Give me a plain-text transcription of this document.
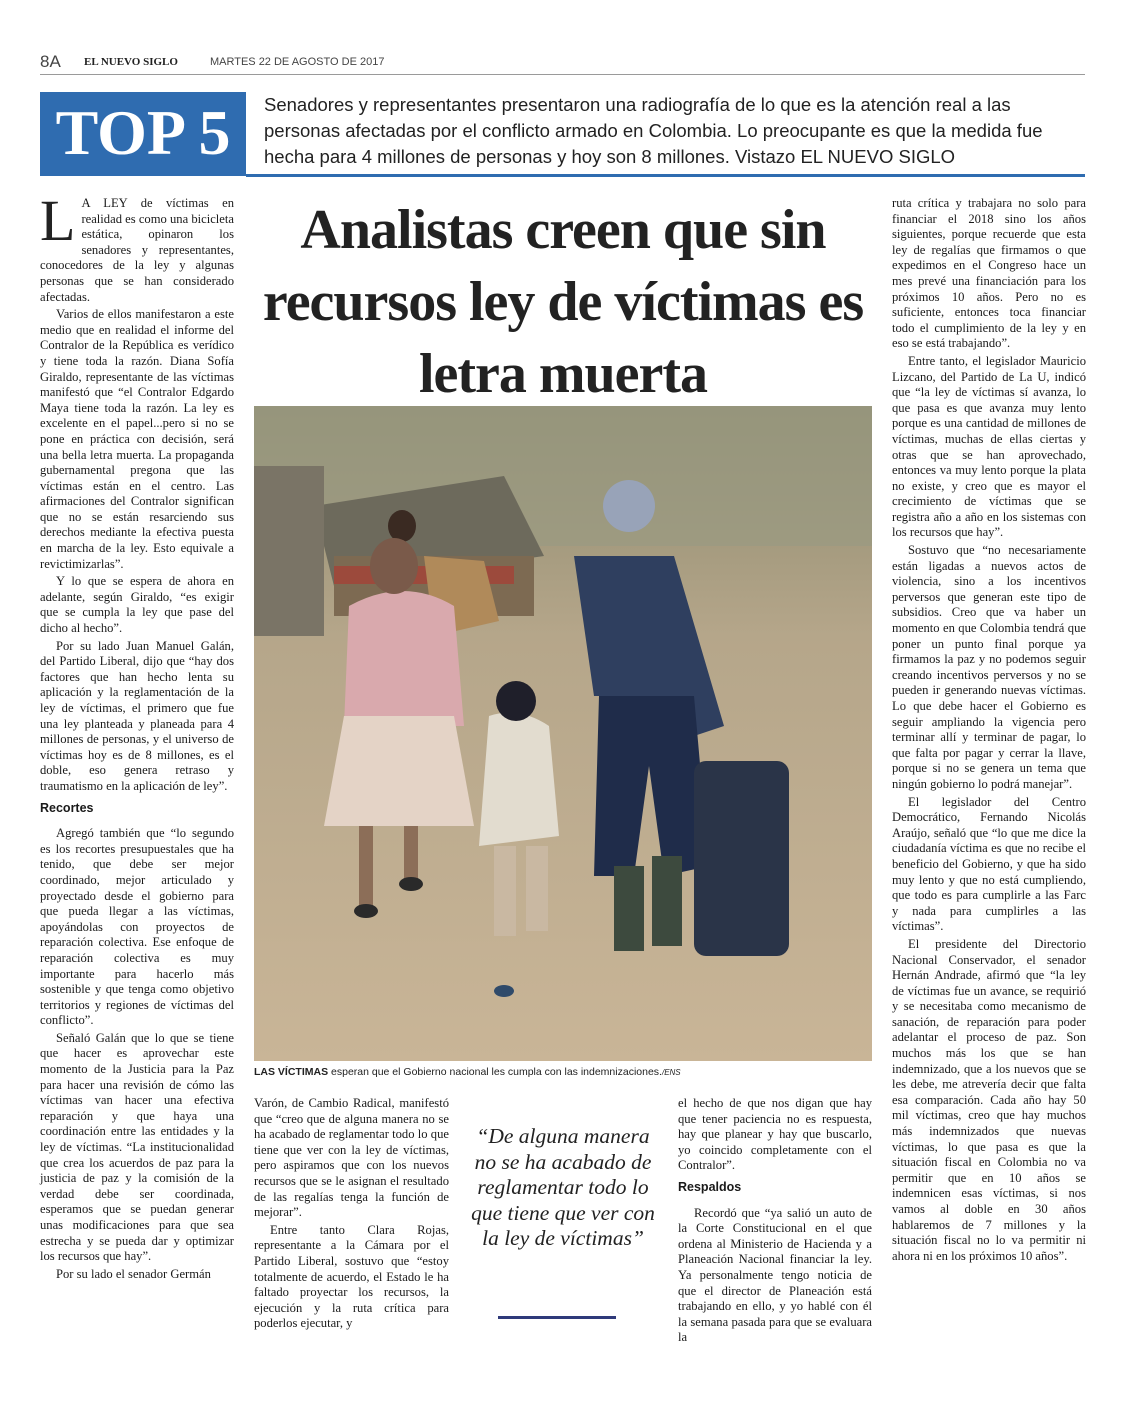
8A EL NUEVO SIGLO	MARTES 22 DE AGOSTO DE 2017
TOP 5	Senadores y representantes presentaron una radiografía de lo que es la atención real a las personas afectadas por el conflicto armado en Colombia. Lo preocupante es que la medida fue hecha para 4 millones de personas y hoy son 8 millones. Vistazo EL NUEVO SIGLO

L A LEY de víctimas en realidad es como una bicicleta estática, opinaron los senadores y representantes, conocedores de la ley y algunas personas que se han considerado afectadas.

Varios de ellos manifestaron a este medio que en realidad el informe del Contralor de la República es verídico y tiene toda la razón. Diana Sofía Giraldo, representante de las víctimas manifestó que “el Contralor Edgardo Maya tiene toda la razón. La ley es excelente en el papel...pero si no se pone en práctica con decisión, será una bella letra muerta. La propaganda gubernamental pregona que las víctimas están en el centro. Las afirmaciones del Contralor significan que no se están resarciendo sus derechos mediante la efectiva puesta en marcha de la ley. Esto equivale a revictimizarlas”.

Y lo que se espera de ahora en adelante, según Giraldo, “es exigir que se cumpla la ley que pase del dicho al hecho”.

Por su lado Juan Manuel Galán, del Partido Liberal, dijo que “hay dos factores que han hecho lenta su aplicación y la reglamentación de la ley de víctimas, el primero que fue una ley planteada y planeada para 4 millones de personas, y el universo de víctimas hoy es de 8 millones, es el doble, eso genera retraso y traumatismo en la aplicación de ley”.

Recortes

Agregó también que “lo segundo es los recortes presupuestales que ha tenido, que debe ser mejor coordinado, mejor articulado y proyectado desde el gobierno para que pueda llegar a las víctimas, apoyándolas con proyectos de reparación colectiva. Ese enfoque de reparación colectiva es muy importante para hacerlo más sostenible y que tenga como objetivo territorios y regiones de víctimas del conflicto”.

Señaló Galán que lo que se tiene que hacer es aprovechar este momento de la Justicia para la Paz para hacer una revisión de cómo las víctimas van hacer una efectiva reparación y que haya una coordinación entre las entidades y la ley de víctimas. “La institucionalidad que crea los acuerdos de paz para la justicia de paz y la comisión de la verdad debe ser coordinada, esperamos que se puedan generar unas modificaciones para que sea estrecha y se pueda dar y optimizar los recursos que hay”.

Por su lado el senador Germán

Analistas creen que sin recursos ley de víctimas es letra muerta
LAS VÍCTIMAS esperan que el Gobierno nacional les cumpla con las indemnizaciones./ENS

Varón, de Cambio Radical, manifestó que “creo que de alguna manera no se ha acabado de reglamentar todo lo que tiene que ver con la ley de víctimas, pero aspiramos que con los nuevos recursos que se le asignan el resultado de las regalías tenga la función de mejorar”.

Entre tanto Clara Rojas, representante a la Cámara por el Partido Liberal, sostuvo que “estoy totalmente de acuerdo, el Estado le ha faltado proyectar los recursos, la ejecución y la ruta crítica para poderlos ejecutar, y

“De alguna manera no se ha acabado de reglamentar todo lo que tiene que ver con la ley de víctimas”

el hecho de que nos digan que hay que tener paciencia no es respuesta, hay que planear y hay que buscarlo, yo coincido completamente con el Contralor”.

Respaldos

Recordó que “ya salió un auto de la Corte Constitucional en el que ordena al Ministerio de Hacienda y a Planeación Nacional financiar la ley. Ya personalmente tengo noticia de que el director de Planeación está trabajando en ello, y yo hablé con él la semana pasada para que se evaluara la

ruta crítica y trabajara no solo para financiar el 2018 sino los años siguientes, porque recuerde que esta ley de regalías que firmamos o que expedimos en el Congreso hace un mes prevé una financiación para los próximos 10 años. Pero no es suficiente, entonces toca financiar todo el cumplimiento de la ley y en eso se está trabajando”.

Entre tanto, el legislador Mauricio Lizcano, del Partido de La U, indicó que “la ley de víctimas sí avanza, lo que pasa es que avanza muy lento porque es una cantidad de millones de víctimas, muchas de ellas ciertas y otras que se han aprovechado, entonces va muy lento porque la plata no existe, y creo que es mayor el crecimiento de víctimas que se registra año a año en los sistemas con los recursos que hay”.

Sostuvo que “no necesariamente están ligadas a nuevos actos de violencia, sino a los incentivos perversos que generan este tipo de subsidios. Creo que va haber un momento en que Colombia tendrá que poner un punto final porque ya firmamos la paz y no podemos seguir creando incentivos perversos y no se pueden ir generando nuevas víctimas. Lo que debe hacer el Gobierno es seguir ampliando la vigencia pero terminar allí y terminar de pagar, lo que falta por pagar y cerrar la llave, porque si no se genera un tema que ningún gobierno lo podrá manejar”.

El legislador del Centro Democrático, Fernando Nicolás Araújo, señaló que “lo que me dice la ciudadanía víctima es que no recibe el beneficio del Gobierno, y que ha sido muy lento y que no está cumpliendo, que todo es para cumplirle a las Farc y nada para cumplirles a las víctimas”.

El presidente del Directorio Nacional Conservador, el senador Hernán Andrade, afirmó que “la ley de víctimas fue un avance, se requirió y se necesitaba como mecanismo de sanación, de reparación para poder adelantar el proceso de paz. Son muchos más los que se han indemnizado, que a los nuevos que se les debe, me atrevería decir que falta esa comparación. Cada año hay 50 mil víctimas, creo que hay muchos más indemnizados que nuevas víctimas, lo que pasa es que la situación fiscal en Colombia no va permitir que en 10 años se indemnicen esas víctimas, si nos vamos al doble en 30 años hablaremos de 7 millones y la situación fiscal no lo va permitir ni ahora ni en los próximos 10 años”.
